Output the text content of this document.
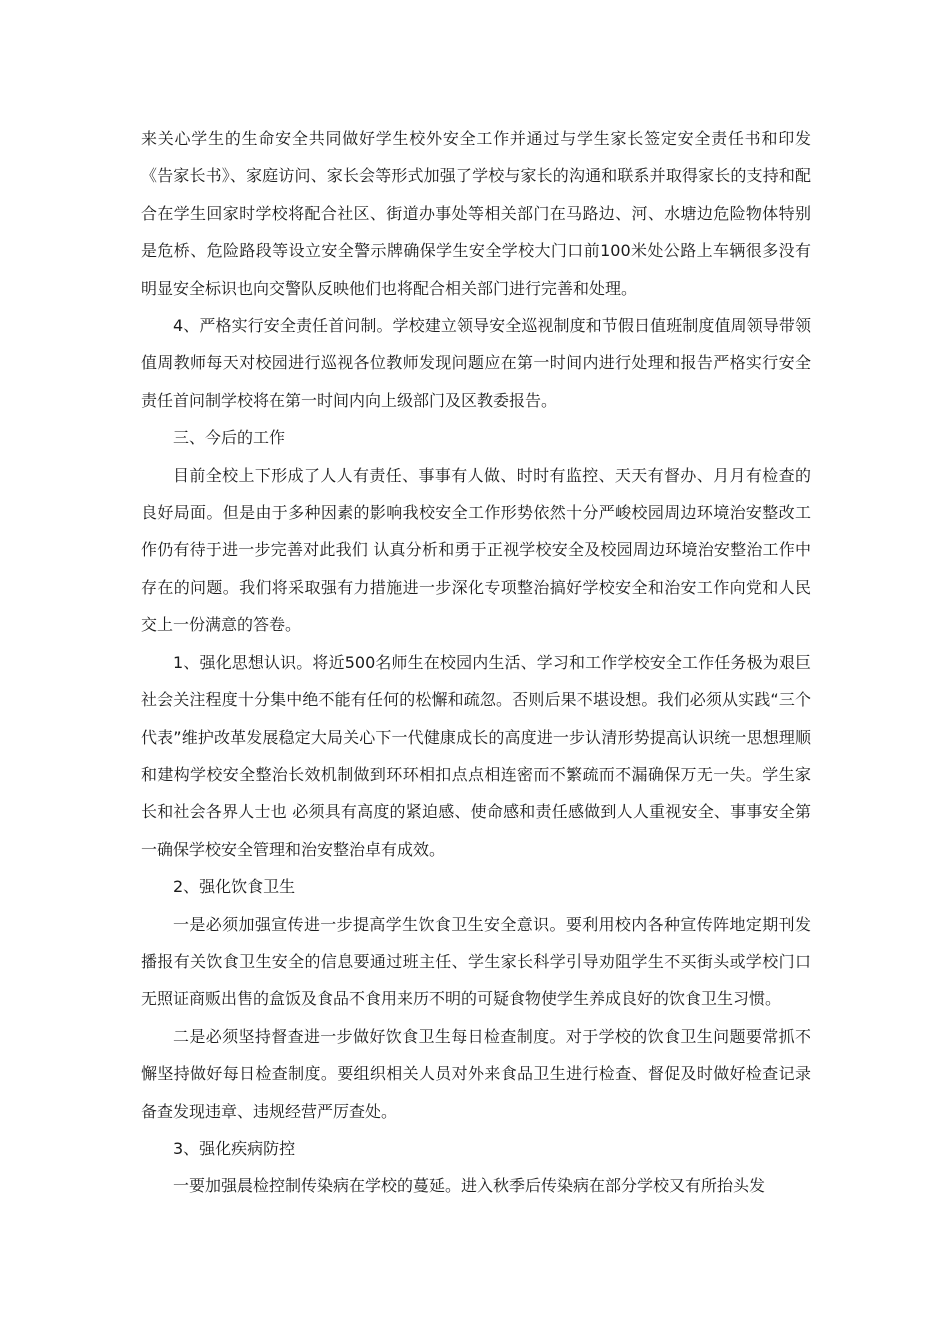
来关心学生的生命安全共同做好学生校外安全工作并通过与学生家长签定安全责任书和印发《告家长书》、家庭访问、家长会等形式加强了学校与家长的沟通和联系并取得家长的支持和配合在学生回家时学校将配合社区、街道办事处等相关部门在马路边、河、水塘边危险物体特别是危桥、危险路段等设立安全警示牌确保学生安全学校大门口前100米处公路上车辆很多没有明显安全标识也向交警队反映他们也将配合相关部门进行完善和处理。

4、严格实行安全责任首问制。学校建立领导安全巡视制度和节假日值班制度值周领导带领值周教师每天对校园进行巡视各位教师发现问题应在第一时间内进行处理和报告严格实行安全责任首问制学校将在第一时间内向上级部门及区教委报告。

三、今后的工作

目前全校上下形成了人人有责任、事事有人做、时时有监控、天天有督办、月月有检查的良好局面。但是由于多种因素的影响我校安全工作形势依然十分严峻校园周边环境治安整改工作仍有待于进一步完善对此我们 认真分析和勇于正视学校安全及校园周边环境治安整治工作中存在的问题。我们将采取强有力措施进一步深化专项整治搞好学校安全和治安工作向党和人民交上一份满意的答卷。

1、强化思想认识。将近500名师生在校园内生活、学习和工作学校安全工作任务极为艰巨社会关注程度十分集中绝不能有任何的松懈和疏忽。否则后果不堪设想。我们必须从实践“三个代表”维护改革发展稳定大局关心下一代健康成长的高度进一步认清形势提高认识统一思想理顺和建构学校安全整治长效机制做到环环相扣点点相连密而不繁疏而不漏确保万无一失。学生家长和社会各界人士也 必须具有高度的紧迫感、使命感和责任感做到人人重视安全、事事安全第一确保学校安全管理和治安整治卓有成效。

2、强化饮食卫生

一是必须加强宣传进一步提高学生饮食卫生安全意识。要利用校内各种宣传阵地定期刊发播报有关饮食卫生安全的信息要通过班主任、学生家长科学引导劝阻学生不买街头或学校门口无照证商贩出售的盒饭及食品不食用来历不明的可疑食物使学生养成良好的饮食卫生习惯。

二是必须坚持督查进一步做好饮食卫生每日检查制度。对于学校的饮食卫生问题要常抓不懈坚持做好每日检查制度。要组织相关人员对外来食品卫生进行检查、督促及时做好检查记录备查发现违章、违规经营严厉查处。

3、强化疾病防控

一要加强晨检控制传染病在学校的蔓延。进入秋季后传染病在部分学校又有所抬头发
